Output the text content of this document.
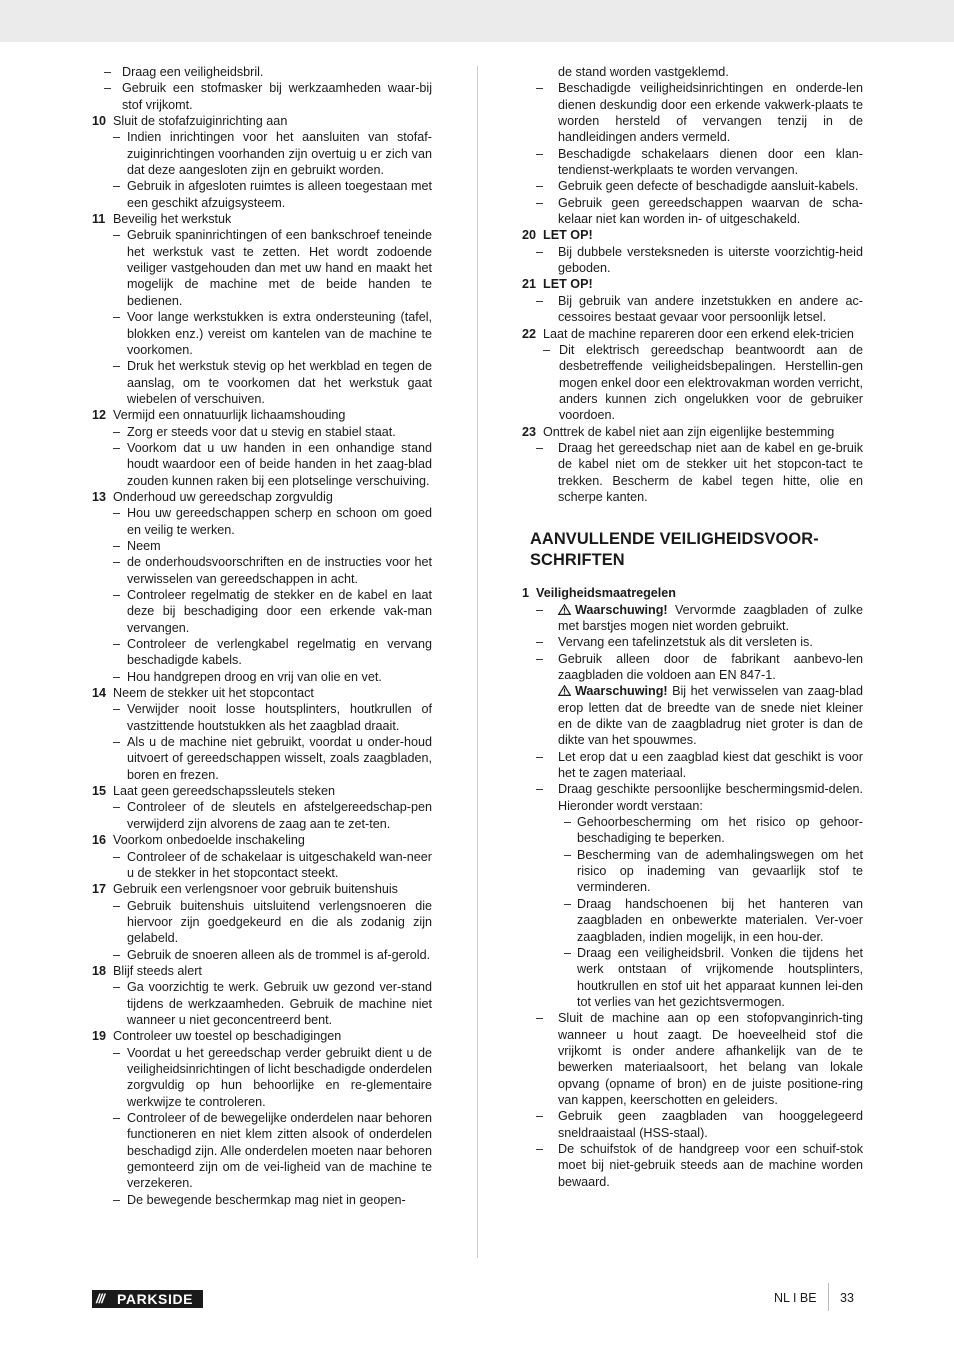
– Draag een veiligheidsbril.
– Gebruik een stofmasker bij werkzaamheden waar-bij stof vrijkomt.
10 Sluit de stofafzuiginrichting aan
– Indien inrichtingen voor het aansluiten van stofaf-zuiginrichtingen voorhanden zijn overtuig u er zich van dat deze aangesloten zijn en gebruikt worden.
– Gebruik in afgesloten ruimtes is alleen toegestaan met een geschikt afzuigsysteem.
11 Beveilig het werkstuk
– Gebruik spaninrichtingen of een bankschroef teneinde het werkstuk vast te zetten. Het wordt zodoende veiliger vastgehouden dan met uw hand en maakt het mogelijk de machine met de beide handen te bedienen.
– Voor lange werkstukken is extra ondersteuning (tafel, blokken enz.) vereist om kantelen van de machine te voorkomen.
– Druk het werkstuk stevig op het werkblad en tegen de aanslag, om te voorkomen dat het werkstuk gaat wiebelen of verschuiven.
12 Vermijd een onnatuurlijk lichaamshouding
– Zorg er steeds voor dat u stevig en stabiel staat.
– Voorkom dat u uw handen in een onhandige stand houdt waardoor een of beide handen in het zaag-blad zouden kunnen raken bij een plotselinge verschuiving.
13 Onderhoud uw gereedschap zorgvuldig
– Hou uw gereedschappen scherp en schoon om goed en veilig te werken.
– Neem
– de onderhoudsvoorschriften en de instructies voor het verwisselen van gereedschappen in acht.
– Controleer regelmatig de stekker en de kabel en laat deze bij beschadiging door een erkende vak-man vervangen.
– Controleer de verlengkabel regelmatig en vervang beschadigde kabels.
– Hou handgrepen droog en vrij van olie en vet.
14 Neem de stekker uit het stopcontact
– Verwijder nooit losse houtsplinters, houtkrullen of vastzittende houtstukken als het zaagblad draait.
– Als u de machine niet gebruikt, voordat u onder-houd uitvoert of gereedschappen wisselt, zoals zaagbladen, boren en frezen.
15 Laat geen gereedschapssleutels steken
– Controleer of de sleutels en afstelgereedschap-pen verwijderd zijn alvorens de zaag aan te zet-ten.
16 Voorkom onbedoelde inschakeling
– Controleer of de schakelaar is uitgeschakeld wan-neer u de stekker in het stopcontact steekt.
17 Gebruik een verlengsnoer voor gebruik buitenshuis
– Gebruik buitenshuis uitsluitend verlengsnoeren die hiervoor zijn goedgekeurd en die als zodanig zijn gelabeld.
– Gebruik de snoeren alleen als de trommel is af-gerold.
18 Blijf steeds alert
– Ga voorzichtig te werk. Gebruik uw gezond ver-stand tijdens de werkzaamheden. Gebruik de machine niet wanneer u niet geconcentreerd bent.
19 Controleer uw toestel op beschadigingen
– Voordat u het gereedschap verder gebruikt dient u de veiligheidsinrichtingen of licht beschadigde onderdelen zorgvuldig op hun behoorlijke en re-glementaire werkwijze te controleren.
– Controleer of de bewegelijke onderdelen naar behoren functioneren en niet klem zitten alsook of onderdelen beschadigd zijn. Alle onderdelen moeten naar behoren gemonteerd zijn om de vei-ligheid van de machine te verzekeren.
– De bewegende beschermkap mag niet in geopen-
de stand worden vastgeklemd.
–	Beschadigde veiligheidsinrichtingen en onderde-len dienen deskundig door een erkende vakwerk-plaats te worden hersteld of vervangen tenzij in de handleidingen anders vermeld.
–	Beschadigde schakelaars dienen door een klan-tendienst-werkplaats te worden vervangen.
–	Gebruik geen defecte of beschadigde aansluit-kabels.
–	Gebruik geen gereedschappen waarvan de scha-kelaar niet kan worden in- of uitgeschakeld.
20 LET OP!
–	Bij dubbele versteksneden is uiterste voorzichtig-heid geboden.
21 LET OP!
–	Bij gebruik van andere inzetstukken en andere ac-cessoires bestaat gevaar voor persoonlijk letsel.
22 Laat de machine repareren door een erkend elek-tricien
– Dit elektrisch gereedschap beantwoordt aan de desbetreffende veiligheidsbepalingen. Herstellin-gen mogen enkel door een elektrovakman worden verricht, anders kunnen zich ongelukken voor de gebruiker voordoen.
23 Onttrek de kabel niet aan zijn eigenlijke bestemming
–	Draag het gereedschap niet aan de kabel en ge-bruik de kabel niet om de stekker uit het stopcon-tact te trekken. Bescherm de kabel tegen hitte, olie en scherpe kanten.
AANVULLENDE VEILIGHEIDSVOOR-SCHRIFTEN
1 Veiligheidsmaatregelen
–	Waarschuwing! Vervormde zaagbladen of zulke met barstjes mogen niet worden gebruikt.
–	Vervang een tafelinzetstuk als dit versleten is.
–	Gebruik alleen door de fabrikant aanbevo-len zaagbladen die voldoen aan EN 847-1.
Waarschuwing! Bij het verwisselen van zaag-blad erop letten dat de breedte van de snede niet kleiner en de dikte van de zaagbladrug niet groter is dan de dikte van het spouwmes.
–	Let erop dat u een zaagblad kiest dat geschikt is voor het te zagen materiaal.
–	Draag geschikte persoonlijke beschermingsmid-delen. Hieronder wordt verstaan:
– Gehoorbescherming om het risico op gehoor-beschadiging te beperken.
– Bescherming van de ademhalingswegen om het risico op inademing van gevaarlijk stof te verminderen.
– Draag handschoenen bij het hanteren van zaagbladen en onbewerkte materialen. Ver-voer zaagbladen, indien mogelijk, in een hou-der.
– Draag een veiligheidsbril. Vonken die tijdens het werk ontstaan of vrijkomende houtsplinters, houtkrullen en stof uit het apparaat kunnen lei-den tot verlies van het gezichtsvermogen.
–	Sluit de machine aan op een stofopvanginrich-ting wanneer u hout zaagt. De hoeveelheid stof die vrijkomt is onder andere afhankelijk van de te bewerken materiaalsoort, het belang van lokale opvang (opname of bron) en de juiste positione-ring van kappen, keerschotten en geleiders.
–	Gebruik geen zaagbladen van hooggelegeerd sneldraaistaal (HSS-staal).
–	De schuifstok of de handgreep voor een schuif-stok moet bij niet-gebruik steeds aan de machine worden bewaard.
/// PARKSIDE	NL I BE 33
